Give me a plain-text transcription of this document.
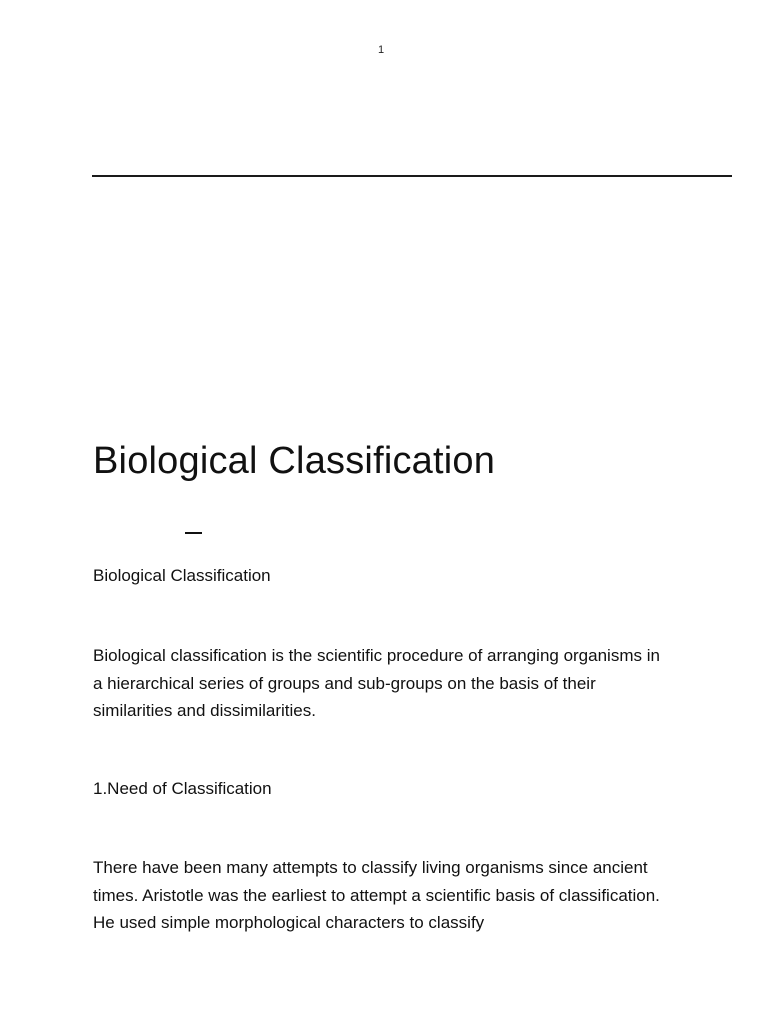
1
Biological Classification

Biological Classification

Biological classification is the scientific procedure of arranging organisms in a hierarchical series of groups and sub-groups on the basis of their similarities and dissimilarities.

1.Need of Classification

There have been many attempts to classify living organisms since ancient times. Aristotle was the earliest to attempt a scientific basis of classification. He used simple morphological characters to classify
